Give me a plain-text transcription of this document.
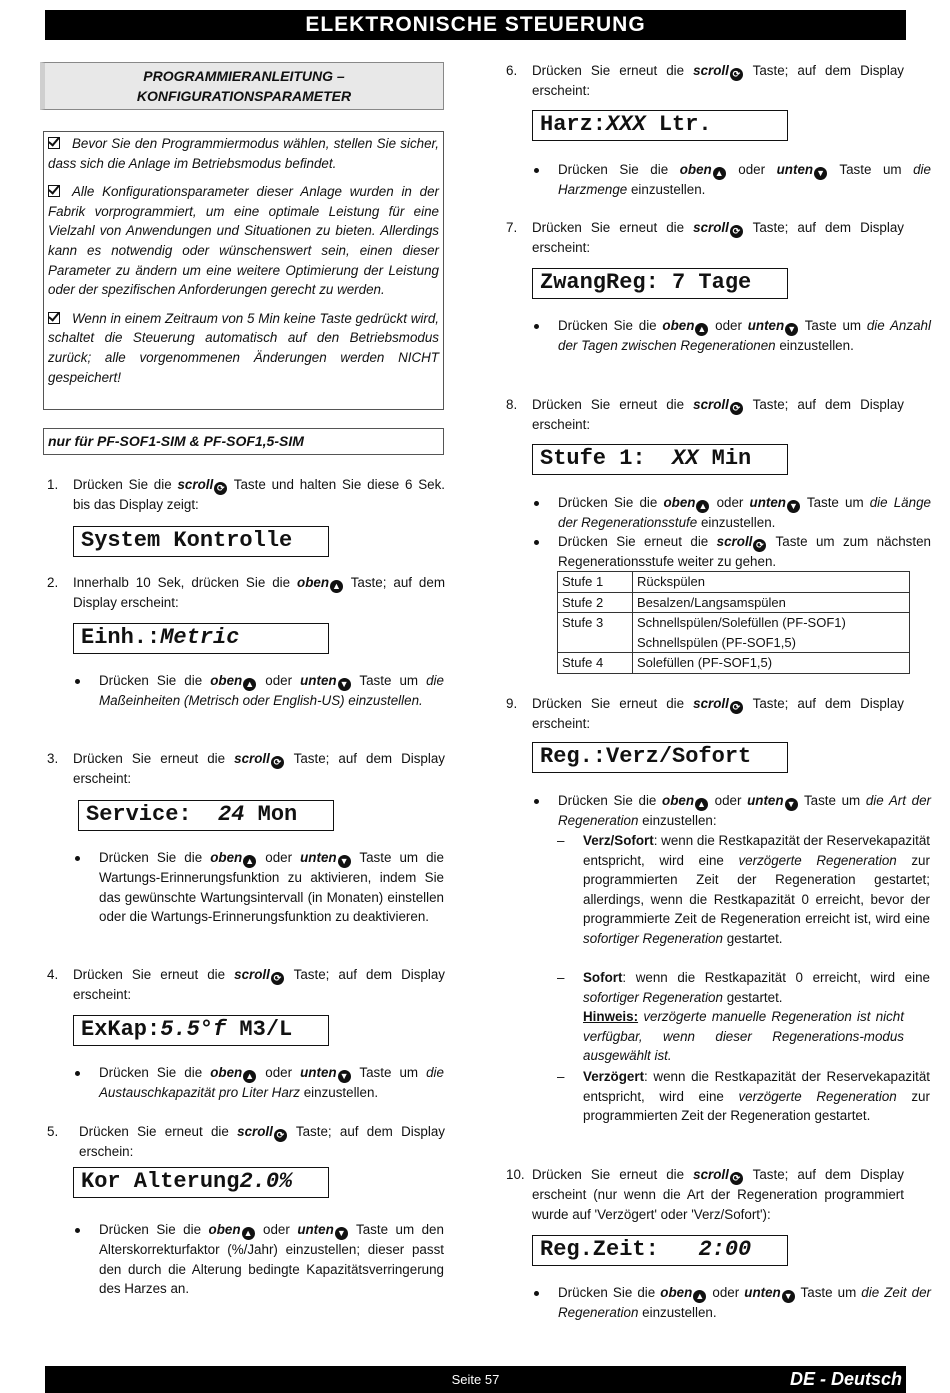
ELEKTRONISCHE STEUERUNG
PROGRAMMIERANLEITUNG –
KONFIGURATIONSPARAMETER

Bevor Sie den Programmiermodus wählen, stellen Sie sicher, dass sich die Anlage im Betriebsmodus befindet.

Alle Konfigurationsparameter dieser Anlage wurden in der Fabrik vorprogrammiert, um eine optimale Leistung für eine Vielzahl von Anwendungen und Situationen zu bieten. Allerdings kann es notwendig oder wünschenswert sein, einen dieser Parameter zu ändern um eine weitere Optimierung der Leistung oder der spezifischen Anforderungen gerecht zu werden.

Wenn in einem Zeitraum von 5 Min keine Taste gedrückt wird, schaltet die Steuerung automatisch auf den Betriebsmodus zurück; alle vorgenommenen Änderungen werden NICHT gespeichert!

nur für PF-SOF1-SIM & PF-SOF1,5-SIM
1. Drücken Sie die scroll ⟳ Taste und halten Sie diese 6 Sek. bis das Display zeigt:
System Kontrolle
2. Innerhalb 10 Sek, drücken Sie die oben ▲ Taste; auf dem Display erscheint:
Einh.:Metric
Drücken Sie die oben ▲ oder unten ▼ Taste um die Maßeinheiten (Metrisch oder English-US) einzustellen.
3. Drücken Sie erneut die scroll ⟳ Taste; auf dem Display erscheint:
Service:  24 Mon
Drücken Sie die oben ▲ oder unten ▼ Taste um die Wartungs-Erinnerungsfunktion zu aktivieren, indem Sie das gewünschte Wartungsintervall (in Monaten) einstellen oder die Wartungs-Erinnerungsfunktion zu deaktivieren.
4. Drücken Sie erneut die scroll ⟳ Taste; auf dem Display erscheint:
ExKap:5.5°f M3/L
Drücken Sie die oben ▲ oder unten ▼ Taste um die Austauschkapazität pro Liter Harz einzustellen.
5. Drücken Sie erneut die scroll ⟳ Taste; auf dem Display erschein:
Kor Alterung2.0%
Drücken Sie die oben ▲ oder unten ▼ Taste um den Alterskorrekturfaktor (%/Jahr) einzustellen; dieser passt den durch die Alterung bedingte Kapazitätsverringerung des Harzes an.
6. Drücken Sie erneut die scroll ⟳ Taste; auf dem Display erscheint:
Harz:XXX Ltr.
Drücken Sie die oben ▲ oder unten ▼ Taste um die Harzmenge einzustellen.
7. Drücken Sie erneut die scroll ⟳ Taste; auf dem Display erscheint:
ZwangReg: 7 Tage
Drücken Sie die oben ▲ oder unten ▼ Taste um die Anzahl der Tagen zwischen Regenerationen einzustellen.
8. Drücken Sie erneut die scroll ⟳ Taste; auf dem Display erscheint:
Stufe 1:  XX Min
Drücken Sie die oben ▲ oder unten ▼ Taste um die Länge der Regenerationsstufe einzustellen.
Drücken Sie erneut die scroll ⟳ Taste um zum nächsten Regenerationsstufe weiter zu gehen.
Stufe 1	Rückspülen
Stufe 2	Besalzen/Langsamspülen
Stufe 3	Schnellspülen/Solefüllen (PF-SOF1)
Schnellspülen (PF-SOF1,5)

Stufe 4	Solefüllen (PF-SOF1,5)
9. Drücken Sie erneut die scroll ⟳ Taste; auf dem Display erscheint:
Reg.:Verz/Sofort
Drücken Sie die oben ▲ oder unten ▼ Taste um die Art der Regeneration einzustellen:
– Verz/Sofort: wenn die Restkapazität der Reservekapazität entspricht, wird eine verzögerte Regeneration zur programmierten Zeit der Regeneration gestartet; allerdings, wenn die Restkapazität 0 erreicht, bevor der programmierte Zeit de Regeneration erreicht ist, wird eine sofortiger Regeneration gestartet.
– Sofort: wenn die Restkapazität 0 erreicht, wird eine sofortiger Regeneration gestartet.
Hinweis: verzögerte manuelle Regeneration ist nicht verfügbar, wenn dieser Regenerations-modus ausgewählt ist.
– Verzögert: wenn die Restkapazität der Reservekapazität entspricht, wird eine verzögerte Regeneration zur programmierten Zeit der Regeneration gestartet.
10. Drücken Sie erneut die scroll ⟳ Taste; auf dem Display erscheint (nur wenn die Art der Regeneration programmiert wurde auf 'Verzögert' oder 'Verz/Sofort'):
Reg.Zeit:   2:00
Drücken Sie die oben ▲ oder unten ▼ Taste um die Zeit der Regeneration einzustellen.
Seite 57	DE - Deutsch
